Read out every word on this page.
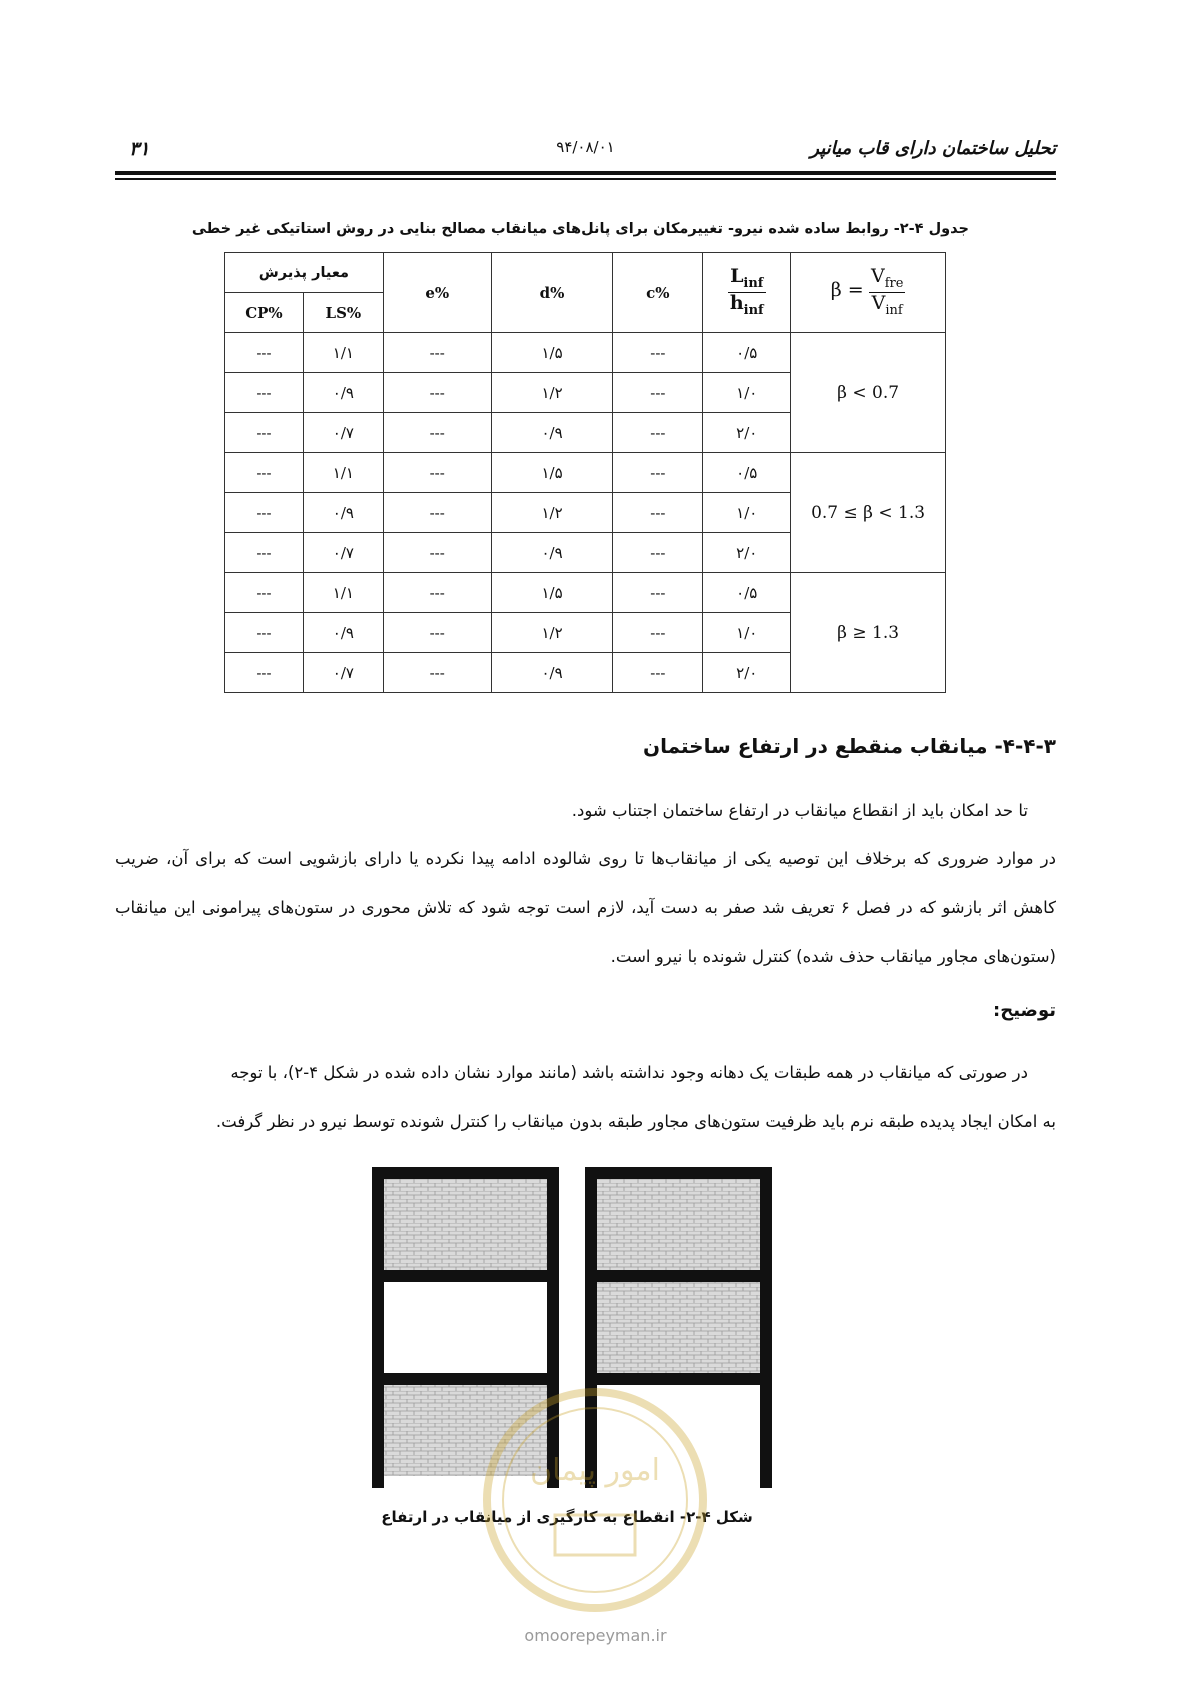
تحلیل ساختمان دارای قاب میانپر
۹۴/۰۸/۰۱
۳۱
جدول ۴-۲- روابط ساده شده نیرو- تغییرمکان برای پانل‌های میانقاب مصالح بنایی در روش استاتیکی غیر خطی
معیار پذیرش		e%	d%	c%	$\frac{L_{inf}}{h_{inf}}$	$\beta = \frac{V_{fre}}{V_{inf}}$

CP%	LS%					
---	۱/۱	---	۱/۵	---	۰/۵	β < 0.7
---	۰/۹	---	۱/۲	---	۱/۰	
---	۰/۷	---	۰/۹	---	۲/۰	
---	۱/۱	---	۱/۵	---	۰/۵	0.7 ≤ β < 1.3
---	۰/۹	---	۱/۲	---	۱/۰	
---	۰/۷	---	۰/۹	---	۲/۰	
---	۱/۱	---	۱/۵	---	۰/۵	β ≥ 1.3
---	۰/۹	---	۱/۲	---	۱/۰	
---	۰/۷	---	۰/۹	---	۲/۰	
۴-۴-۳- میانقاب منقطع در ارتفاع ساختمان
تا حد امکان باید از انقطاع میانقاب در ارتفاع ساختمان اجتناب شود.
در موارد ضروری که برخلاف این توصیه یکی از میانقاب‌ها تا روی شالوده ادامه پیدا نکرده یا دارای بازشویی است که برای آن، ضریب کاهش اثر بازشو که در فصل ۶ تعریف شد صفر به دست آید، لازم است توجه شود که تلاش محوری در ستون‌های پیرامونی این میانقاب (ستون‌های مجاور میانقاب حذف شده) کنترل شونده با نیرو است.
توضیح:
در صورتی که میانقاب در همه طبقات یک دهانه وجود نداشته باشد (مانند موارد نشان داده شده در شکل ۴-۲)، با توجه
به امکان ایجاد پدیده طبقه نرم باید ظرفیت ستون‌های مجاور طبقه بدون میانقاب را کنترل شونده توسط نیرو در نظر گرفت.
شکل ۴-۲- انقطاع به کارگیری از میانقاب در ارتفاع
امور پیمان
omoorepeyman.ir
